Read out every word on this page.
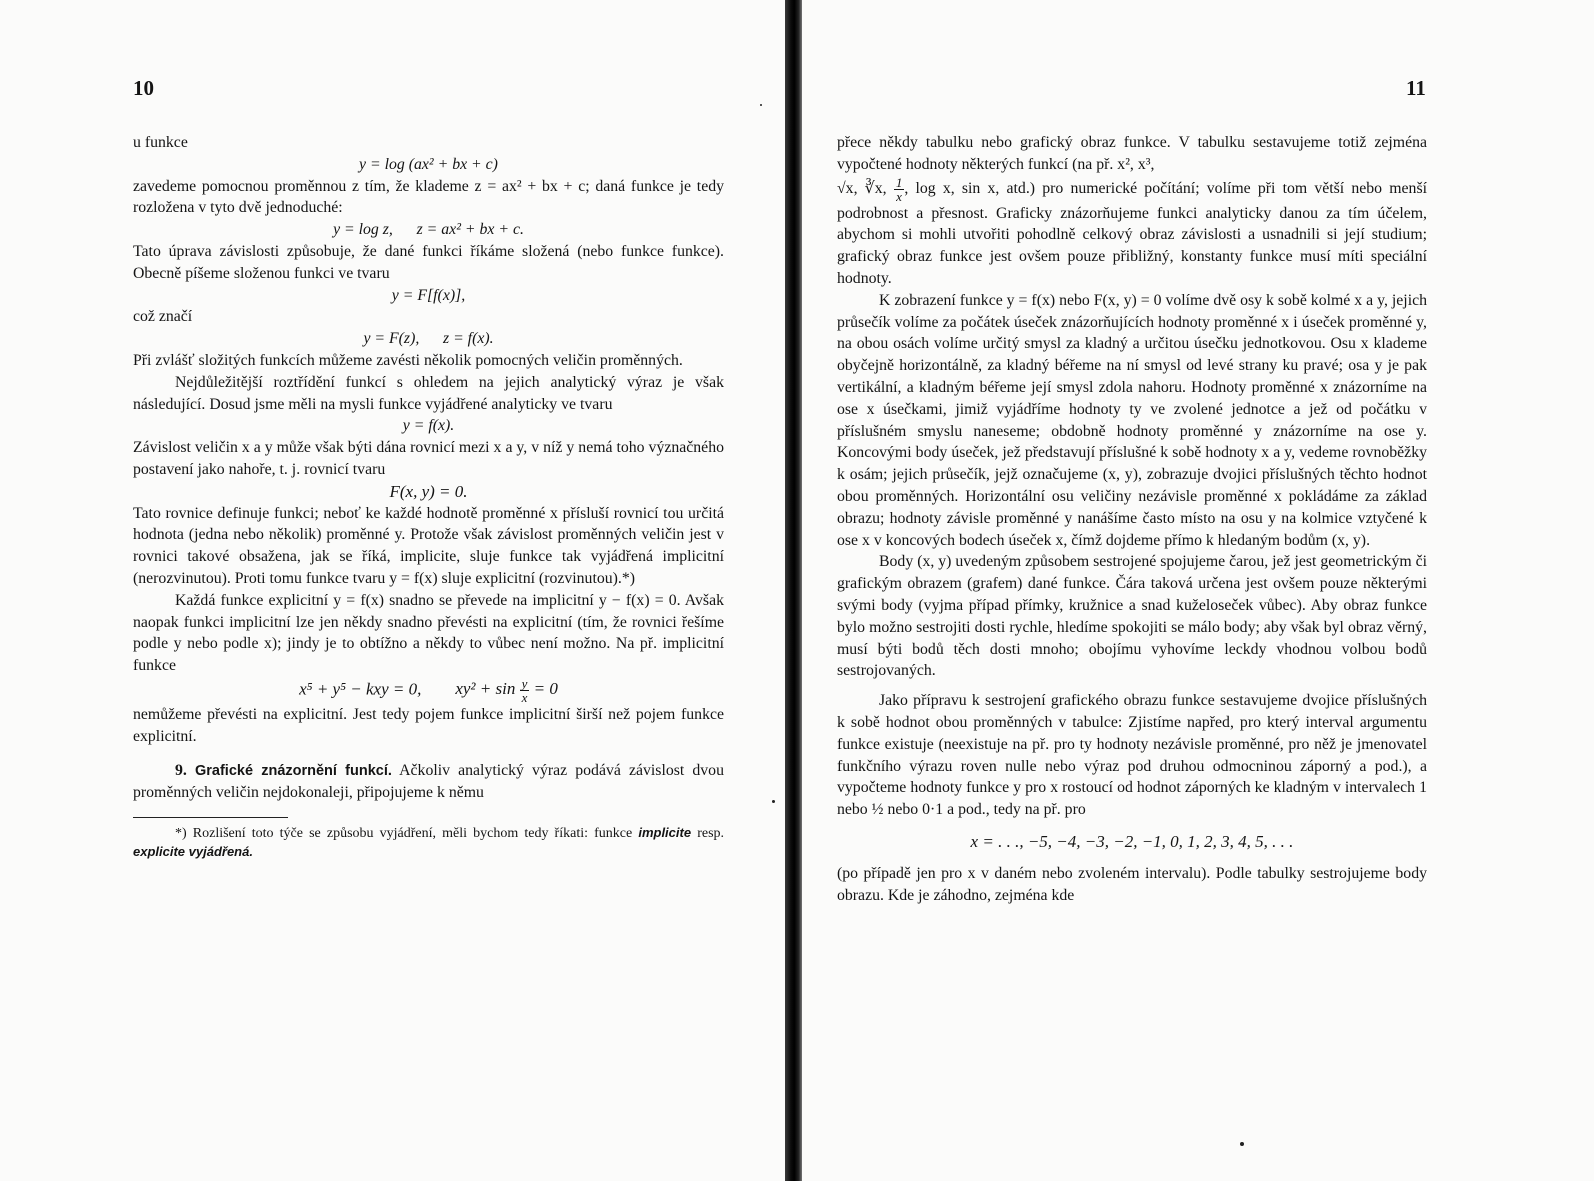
10	11

u funkce

y = log (ax² + bx + c)

zavedeme pomocnou proměnnou z tím, že klademe z = ax² + bx + c; daná funkce je tedy rozložena v tyto dvě jednoduché:

y = log z,      z = ax² + bx + c.

Tato úprava závislosti způsobuje, že dané funkci říkáme složená (nebo funkce funkce). Obecně píšeme složenou funkci ve tvaru

y = F[f(x)],

což značí

y = F(z),      z = f(x).

Při zvlášť složitých funkcích můžeme zavésti několik pomocných veličin proměnných.

Nejdůležitější roztřídění funkcí s ohledem na jejich analytický výraz je však následující. Dosud jsme měli na mysli funkce vyjádřené analyticky ve tvaru

y = f(x).

Závislost veličin x a y může však býti dána rovnicí mezi x a y, v níž y nemá toho význačného postavení jako nahoře, t. j. rovnicí tvaru

F(x, y) = 0.

Tato rovnice definuje funkci; neboť ke každé hodnotě proměnné x přísluší rovnicí tou určitá hodnota (jedna nebo několik) proměnné y. Protože však závislost proměnných veličin jest v rovnici takové obsažena, jak se říká, implicite, sluje funkce tak vyjádřená implicitní (nerozvinutou). Proti tomu funkce tvaru y = f(x) sluje explicitní (rozvinutou).*)

Každá funkce explicitní y = f(x) snadno se převede na implicitní y − f(x) = 0. Avšak naopak funkci implicitní lze jen někdy snadno převésti na explicitní (tím, že rovnici řešíme podle y nebo podle x); jindy je to obtížno a někdy to vůbec není možno. Na př. implicitní funkce

x⁵ + y⁵ − kxy = 0, $xy^2 + \sin \frac{y}{x} = 0$

nemůžeme převésti na explicitní. Jest tedy pojem funkce implicitní širší než pojem funkce explicitní.

9. Grafické znázornění funkcí. Ačkoliv analytický výraz podává závislost dvou proměnných veličin nejdokonaleji, připojujeme k němu

*) Rozlišení toto týče se způsobu vyjádření, měli bychom tedy říkati: funkce implicite resp. explicite vyjádřená.

přece někdy tabulku nebo grafický obraz funkce. V tabulku sestavujeme totiž zejména vypočtené hodnoty některých funkcí (na př. x², x³,

√x, ∛x, $\frac{1}{x}$ , log x, sin x, atd.) pro numerické počítání; volíme při tom větší nebo menší podrobnost a přesnost. Graficky znázorňujeme funkci analyticky danou za tím účelem, abychom si mohli utvořiti pohodlně celkový obraz závislosti a usnadnili si její studium; grafický obraz funkce jest ovšem pouze přibližný, konstanty funkce musí míti speciální hodnoty.

K zobrazení funkce y = f(x) nebo F(x, y) = 0 volíme dvě osy k sobě kolmé x a y, jejich průsečík volíme za počátek úseček znázorňujících hodnoty proměnné x i úseček proměnné y, na obou osách volíme určitý smysl za kladný a určitou úsečku jednotkovou. Osu x klademe obyčejně horizontálně, za kladný béřeme na ní smysl od levé strany ku pravé; osa y je pak vertikální, a kladným béřeme její smysl zdola nahoru. Hodnoty proměnné x znázorníme na ose x úsečkami, jimiž vyjádříme hodnoty ty ve zvolené jednotce a jež od počátku v příslušném smyslu naneseme; obdobně hodnoty proměnné y znázorníme na ose y. Koncovými body úseček, jež představují příslušné k sobě hodnoty x a y, vedeme rovnoběžky k osám; jejich průsečík, jejž označujeme (x, y), zobrazuje dvojici příslušných těchto hodnot obou proměnných. Horizontální osu veličiny nezávisle proměnné x pokládáme za základ obrazu; hodnoty závisle proměnné y nanášíme často místo na osu y na kolmice vztyčené k ose x v koncových bodech úseček x, čímž dojdeme přímo k hledaným bodům (x, y).

Body (x, y) uvedeným způsobem sestrojené spojujeme čarou, jež jest geometrickým či grafickým obrazem (grafem) dané funkce. Čára taková určena jest ovšem pouze některými svými body (vyjma případ přímky, kružnice a snad kuželoseček vůbec). Aby obraz funkce bylo možno sestrojiti dosti rychle, hledíme spokojiti se málo body; aby však byl obraz věrný, musí býti bodů těch dosti mnoho; obojímu vyhovíme leckdy vhodnou volbou bodů sestrojovaných.

Jako přípravu k sestrojení grafického obrazu funkce sestavujeme dvojice příslušných k sobě hodnot obou proměnných v tabulce: Zjistíme napřed, pro který interval argumentu funkce existuje (neexistuje na př. pro ty hodnoty nezávisle proměnné, pro něž je jmenovatel funkčního výrazu roven nulle nebo výraz pod druhou odmocninou záporný a pod.), a vypočteme hodnoty funkce y pro x rostoucí od hodnot záporných ke kladným v intervalech 1 nebo ½ nebo 0·1 a pod., tedy na př. pro

x = . . ., −5, −4, −3, −2, −1, 0, 1, 2, 3, 4, 5, . . .

(po případě jen pro x v daném nebo zvoleném intervalu). Podle tabulky sestrojujeme body obrazu. Kde je záhodno, zejména kde
